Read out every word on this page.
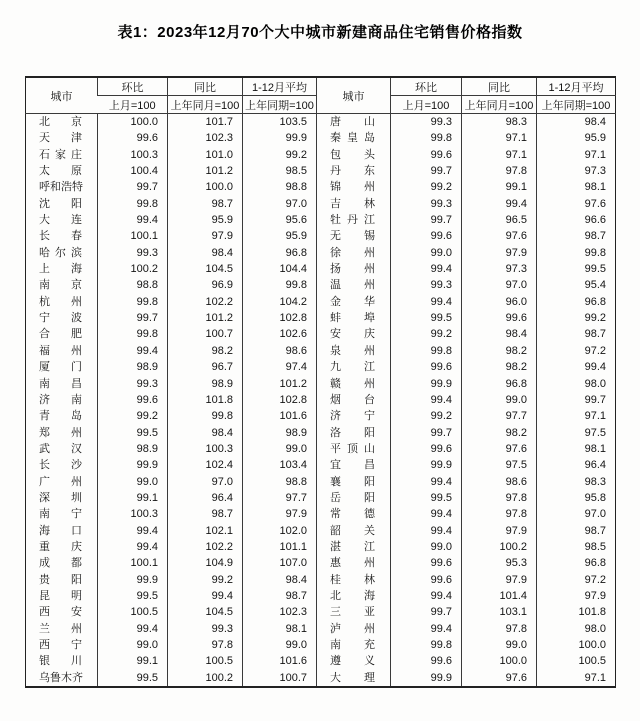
表1：2023年12月70个大中城市新建商品住宅销售价格指数
城市	环比	同比	1-12月平均	城市	环比	同比	1-12月平均
	上月=100	上年同月=100	上年同期=100		上月=100	上年同月=100	上年同期=100
北京	100.0	101.7	103.5	唐山	99.3	98.3	98.4
天津	99.6	102.3	99.9	秦皇岛	99.8	97.1	95.9
石家庄	100.3	101.0	99.2	包头	99.6	97.1	97.1
太原	100.4	101.2	98.5	丹东	99.7	97.8	97.3
呼和浩特	99.7	100.0	98.8	锦州	99.2	99.1	98.1
沈阳	99.8	98.7	97.0	吉林	99.3	99.4	97.6
大连	99.4	95.9	95.6	牡丹江	99.7	96.5	96.6
长春	100.1	97.9	95.9	无锡	99.6	97.6	98.7
哈尔滨	99.3	98.4	96.8	徐州	99.0	97.9	99.8
上海	100.2	104.5	104.4	扬州	99.4	97.3	99.5
南京	98.8	96.9	99.8	温州	99.3	97.0	95.4
杭州	99.8	102.2	104.2	金华	99.4	96.0	96.8
宁波	99.7	101.2	102.8	蚌埠	99.5	99.6	99.2
合肥	99.8	100.7	102.6	安庆	99.2	98.4	98.7
福州	99.4	98.2	98.6	泉州	99.8	98.2	97.2
厦门	98.9	96.7	97.4	九江	99.6	98.2	99.4
南昌	99.3	98.9	101.2	赣州	99.9	96.8	98.0
济南	99.6	101.8	102.8	烟台	99.4	99.0	99.7
青岛	99.2	99.8	101.6	济宁	99.2	97.7	97.1
郑州	99.5	98.4	98.9	洛阳	99.7	98.2	97.5
武汉	98.9	100.3	99.0	平顶山	99.6	97.6	98.1
长沙	99.9	102.4	103.4	宜昌	99.9	97.5	96.4
广州	99.0	97.0	98.8	襄阳	99.4	98.6	98.3
深圳	99.1	96.4	97.7	岳阳	99.5	97.8	95.8
南宁	100.3	98.7	97.9	常德	99.4	97.8	97.0
海口	99.4	102.1	102.0	韶关	99.4	97.9	98.7
重庆	99.4	102.2	101.1	湛江	99.0	100.2	98.5
成都	100.1	104.9	107.0	惠州	99.6	95.3	96.8
贵阳	99.9	99.2	98.4	桂林	99.6	97.9	97.2
昆明	99.5	99.4	98.7	北海	99.4	101.4	97.9
西安	100.5	104.5	102.3	三亚	99.7	103.1	101.8
兰州	99.4	99.3	98.1	泸州	99.4	97.8	98.0
西宁	99.0	97.8	99.0	南充	99.8	99.0	100.0
银川	99.1	100.5	101.6	遵义	99.6	100.0	100.5
乌鲁木齐	99.5	100.2	100.7	大理	99.9	97.6	97.1
